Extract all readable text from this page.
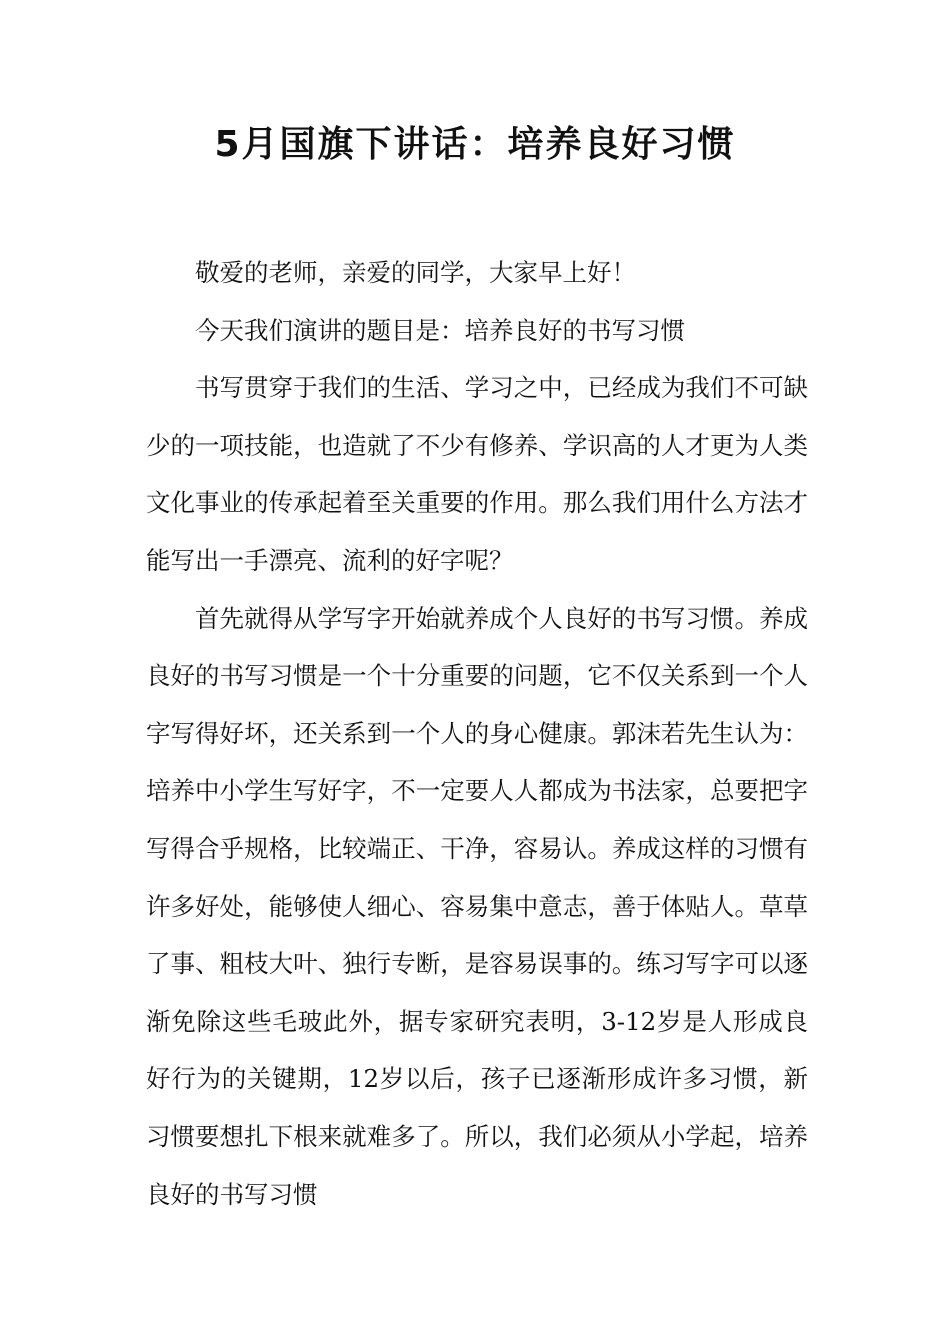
5月国旗下讲话：培养良好习惯

敬爱的老师，亲爱的同学，大家早上好！

今天我们演讲的题目是：培养良好的书写习惯

书写贯穿于我们的生活、学习之中，已经成为我们不可缺少的一项技能，也造就了不少有修养、学识高的人才更为人类文化事业的传承起着至关重要的作用。那么我们用什么方法才能写出一手漂亮、流利的好字呢？

首先就得从学写字开始就养成个人良好的书写习惯。养成良好的书写习惯是一个十分重要的问题，它不仅关系到一个人字写得好坏，还关系到一个人的身心健康。郭沫若先生认为：培养中小学生写好字，不一定要人人都成为书法家，总要把字写得合乎规格，比较端正、干净，容易认。养成这样的习惯有许多好处，能够使人细心、容易集中意志，善于体贴人。草草了事、粗枝大叶、独行专断，是容易误事的。练习写字可以逐渐免除这些毛玻此外，据专家研究表明，3-12岁是人形成良好行为的关键期，12岁以后，孩子已逐渐形成许多习惯，新习惯要想扎下根来就难多了。所以，我们必须从小学起，培养良好的书写习惯
